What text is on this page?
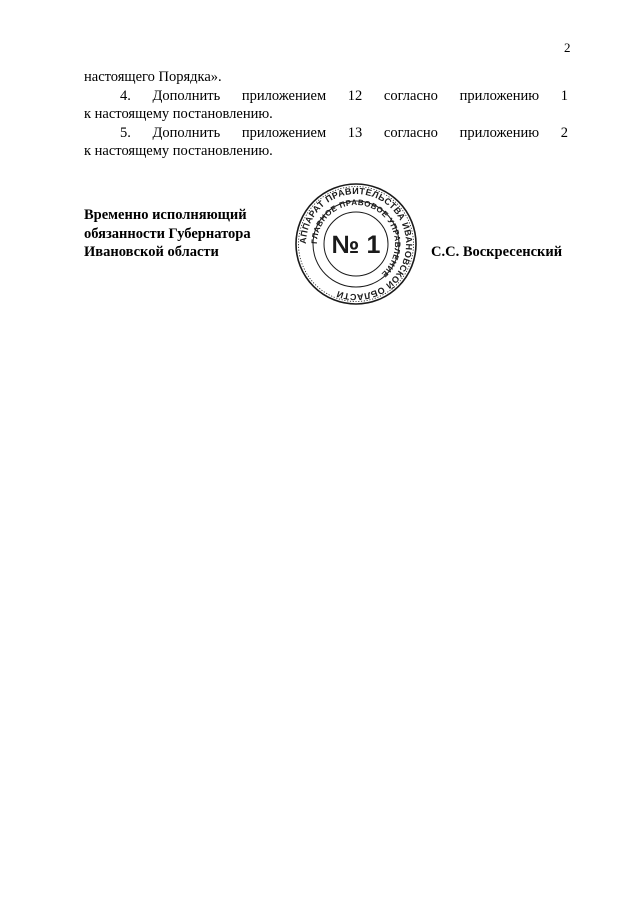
2
настоящего Порядка».
4. Дополнить приложением 12 согласно приложению 1
к настоящему постановлению.
5. Дополнить приложением 13 согласно приложению 2
к настоящему постановлению.
Временно исполняющий
обязанности Губернатора
Ивановской области
АППАРАТ ПРАВИТЕЛЬСТВА ИВАНОВСКОЙ ОБЛАСТИ
ГЛАВНОЕ ПРАВОВОЕ УПРАВЛЕНИЕ
№ 1	С.С. Воскресенский
